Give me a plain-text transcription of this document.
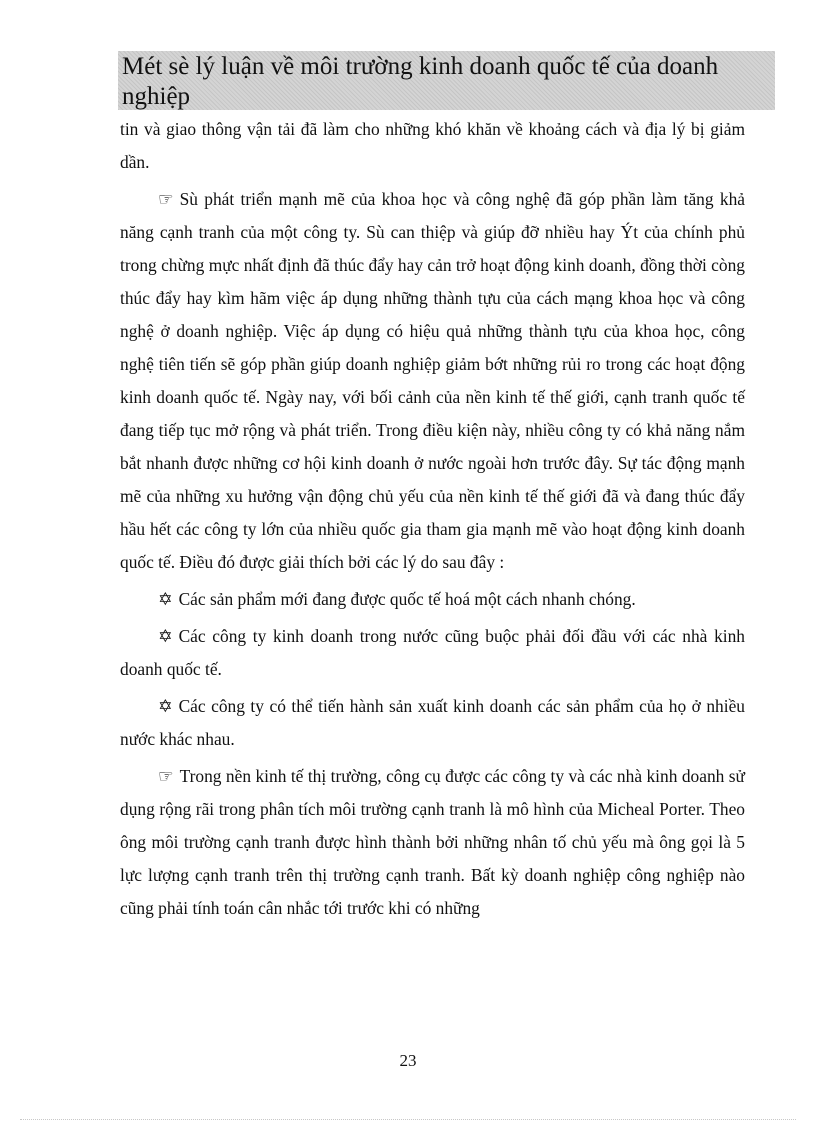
Mét sè lý luận về môi trường kinh doanh quốc tế của doanh nghiệp

tin và giao thông vận tải đã làm cho những khó khăn về khoảng cách và địa lý bị giảm dần.

☞ Sù phát triển mạnh mẽ của khoa học và công nghệ đã góp phần làm tăng khả năng cạnh tranh của một công ty. Sù can thiệp và giúp đỡ nhiều hay Ýt của chính phủ trong chừng mực nhất định đã thúc đẩy hay cản trở hoạt động kinh doanh, đồng thời còng thúc đẩy hay kìm hãm việc áp dụng những thành tựu của cách mạng khoa học và công nghệ ở doanh nghiệp. Việc áp dụng có hiệu quả những thành tựu của khoa học, công nghệ tiên tiến sẽ góp phần giúp doanh nghiệp giảm bớt những rủi ro trong các hoạt động kinh doanh quốc tế. Ngày nay, với bối cảnh của nền kinh tế thế giới, cạnh tranh quốc tế đang tiếp tục mở rộng và phát triển. Trong điều kiện này, nhiều công ty có khả năng nắm bắt nhanh được những cơ hội kinh doanh ở nước ngoài hơn trước đây. Sự tác động mạnh mẽ của những xu hưởng vận động chủ yếu của nền kinh tế thế giới đã và đang thúc đẩy hầu hết các công ty lớn của nhiều quốc gia tham gia mạnh mẽ vào hoạt động kinh doanh quốc tế. Điều đó được giải thích bởi các lý do sau đây :

✡ Các sản phẩm mới đang được quốc tế hoá một cách nhanh chóng.

✡ Các công ty kinh doanh trong nước cũng buộc phải đối đầu với các nhà kinh doanh quốc tế.

✡ Các công ty có thể tiến hành sản xuất kinh doanh các sản phẩm của họ ở nhiều nước khác nhau.

☞ Trong nền kinh tế thị trường, công cụ được các công ty và các nhà kinh doanh sử dụng rộng rãi trong phân tích môi trường cạnh tranh là mô hình của Micheal Porter. Theo ông môi trường cạnh tranh được hình thành bởi những nhân tố chủ yếu mà ông gọi là 5 lực lượng cạnh tranh trên thị trường cạnh tranh. Bất kỳ doanh nghiệp công nghiệp nào cũng phải tính toán cân nhắc tới trước khi có những

23
